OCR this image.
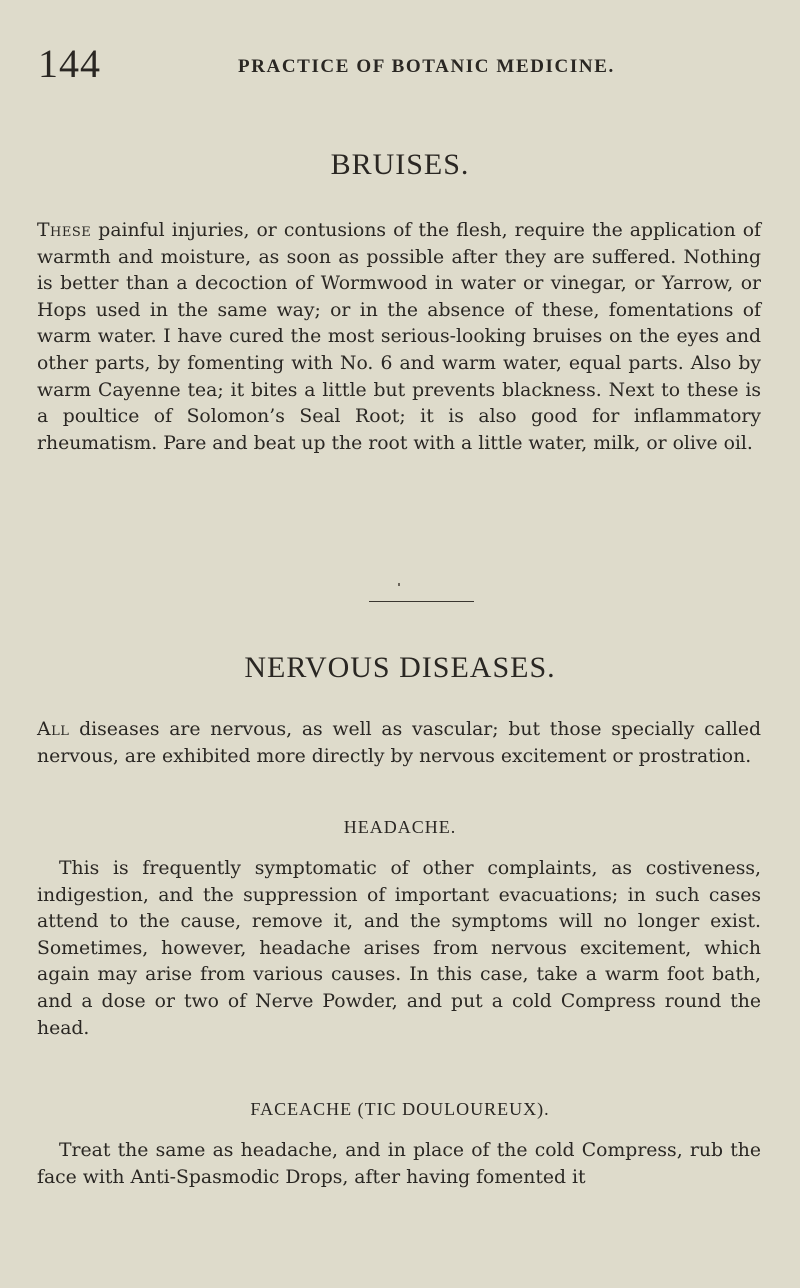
144	PRACTICE OF BOTANIC MEDICINE.
BRUISES.

These painful injuries, or contusions of the flesh, require the application of warmth and moisture, as soon as possible after they are suffered. Nothing is better than a decoction of Wormwood in water or vinegar, or Yarrow, or Hops used in the same way; or in the absence of these, fomentations of warm water. I have cured the most serious-looking bruises on the eyes and other parts, by fomenting with No. 6 and warm water, equal parts. Also by warm Cayenne tea; it bites a little but prevents blackness. Next to these is a poultice of Solomon’s Seal Root; it is also good for inflammatory rheumatism. Pare and beat up the root with a little water, milk, or olive oil.

NERVOUS DISEASES.

All diseases are nervous, as well as vascular; but those specially called nervous, are exhibited more directly by nervous excitement or prostration.

HEADACHE.

This is frequently symptomatic of other complaints, as costiveness, indigestion, and the suppression of important evacuations; in such cases attend to the cause, remove it, and the symptoms will no longer exist. Sometimes, however, headache arises from nervous excitement, which again may arise from various causes. In this case, take a warm foot bath, and a dose or two of Nerve Powder, and put a cold Compress round the head.

FACEACHE (TIC DOULOUREUX).

Treat the same as headache, and in place of the cold Compress, rub the face with Anti-Spasmodic Drops, after having fomented it
